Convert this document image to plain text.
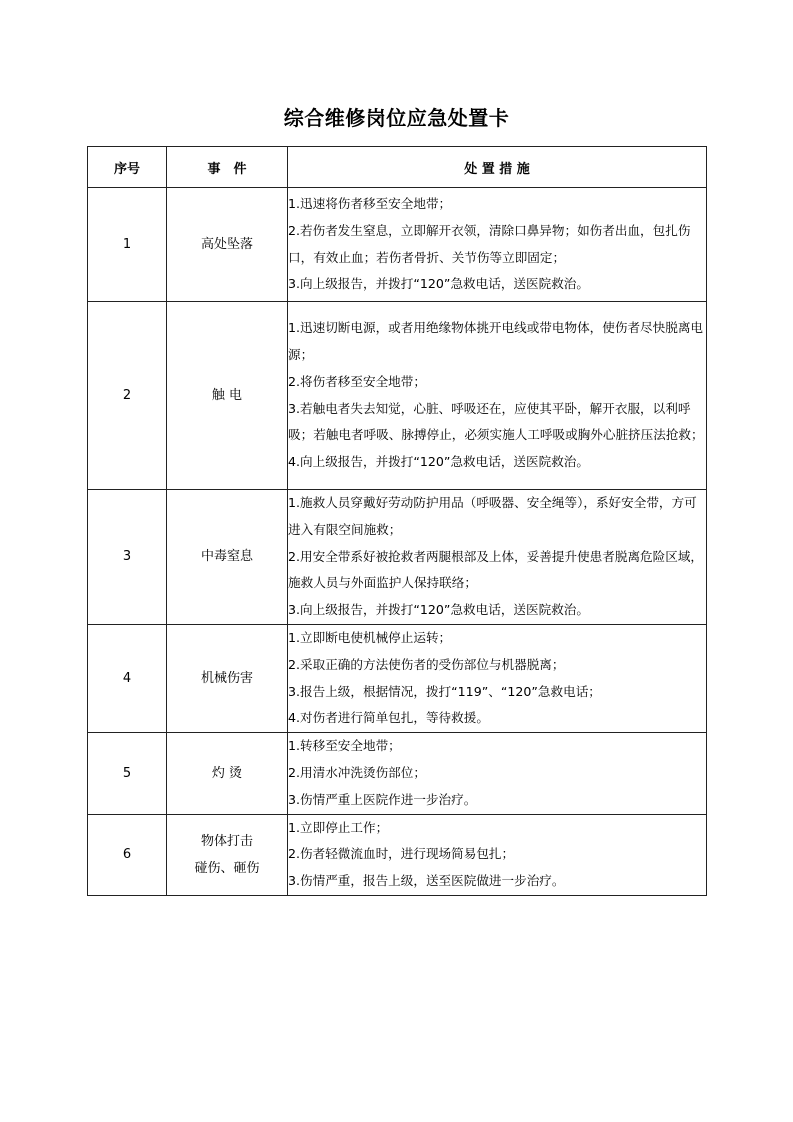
综合维修岗位应急处置卡
序号	事　件	处 置 措 施
1	高处坠落	1.迅速将伤者移至安全地带；
2.若伤者发生窒息，立即解开衣领，清除口鼻异物；如伤者出血，包扎伤口，有效止血；若伤者骨折、关节伤等立即固定；
3.向上级报告，并拨打“120”急救电话，送医院救治。

2	触 电	1.迅速切断电源，或者用绝缘物体挑开电线或带电物体，使伤者尽快脱离电源；
2.将伤者移至安全地带；
3.若触电者失去知觉，心脏、呼吸还在，应使其平卧，解开衣服，以利呼吸；若触电者呼吸、脉搏停止，必须实施人工呼吸或胸外心脏挤压法抢救；
4.向上级报告，并拨打“120”急救电话，送医院救治。

3	中毒窒息	1.施救人员穿戴好劳动防护用品（呼吸器、安全绳等），系好安全带，方可进入有限空间施救；
2.用安全带系好被抢救者两腿根部及上体，妥善提升使患者脱离危险区域，施救人员与外面监护人保持联络；
3.向上级报告，并拨打“120”急救电话，送医院救治。

4	机械伤害	1.立即断电使机械停止运转；
2.采取正确的方法使伤者的受伤部位与机器脱离；
3.报告上级，根据情况，拨打“119”、“120”急救电话；
4.对伤者进行简单包扎，等待救援。

5	灼 烫	1.转移至安全地带；
2.用清水冲洗烫伤部位；
3.伤情严重上医院作进一步治疗。

6	物体打击
碰伤、砸伤	1.立即停止工作；
2.伤者轻微流血时，进行现场简易包扎；
3.伤情严重，报告上级，送至医院做进一步治疗。
